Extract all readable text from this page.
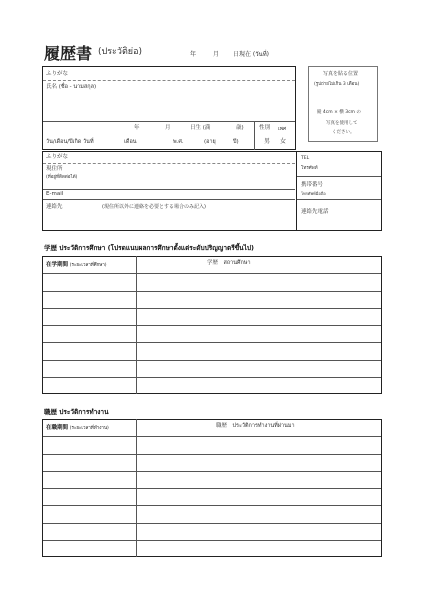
履歴書 (ประวัติย่อ)	年	月 日現在 (วันที่)
ふりがな
氏名 (ชื่อ - นามสกุล)
年	月	日生 (満	歳)
วัน/เดือน/ปีเกิด วันที่	เดือน	พ.ศ.	(อายุ	ปี)
性別 เพศ
男 女
写真を貼る位置
(รูปถ่ายไม่เกิน 3 เดือน)
縦 4cm × 横 3cm の
写真を使用して
ください。
ふりがな
現住所
(ที่อยู่ที่ติดต่อได้)
E-mail
連絡先	(現住所以外に連絡を必要とする場合のみ記入)
TEL
โทรศัพท์
携帯番号
โทรศัพท์มือถือ
連絡先電話
学歴 ประวัติการศึกษา (โปรดแนบผลการศึกษาตั้งแต่ระดับปริญญาตรีขึ้นไป)
在学期間 (ระยะเวลาที่ศึกษา)	学歴　สถานศึกษา
職歴 ประวัติการทำงาน
在職期間 (ระยะเวลาที่ทำงาน)	職歴　ประวัติการทำงานที่ผ่านมา
